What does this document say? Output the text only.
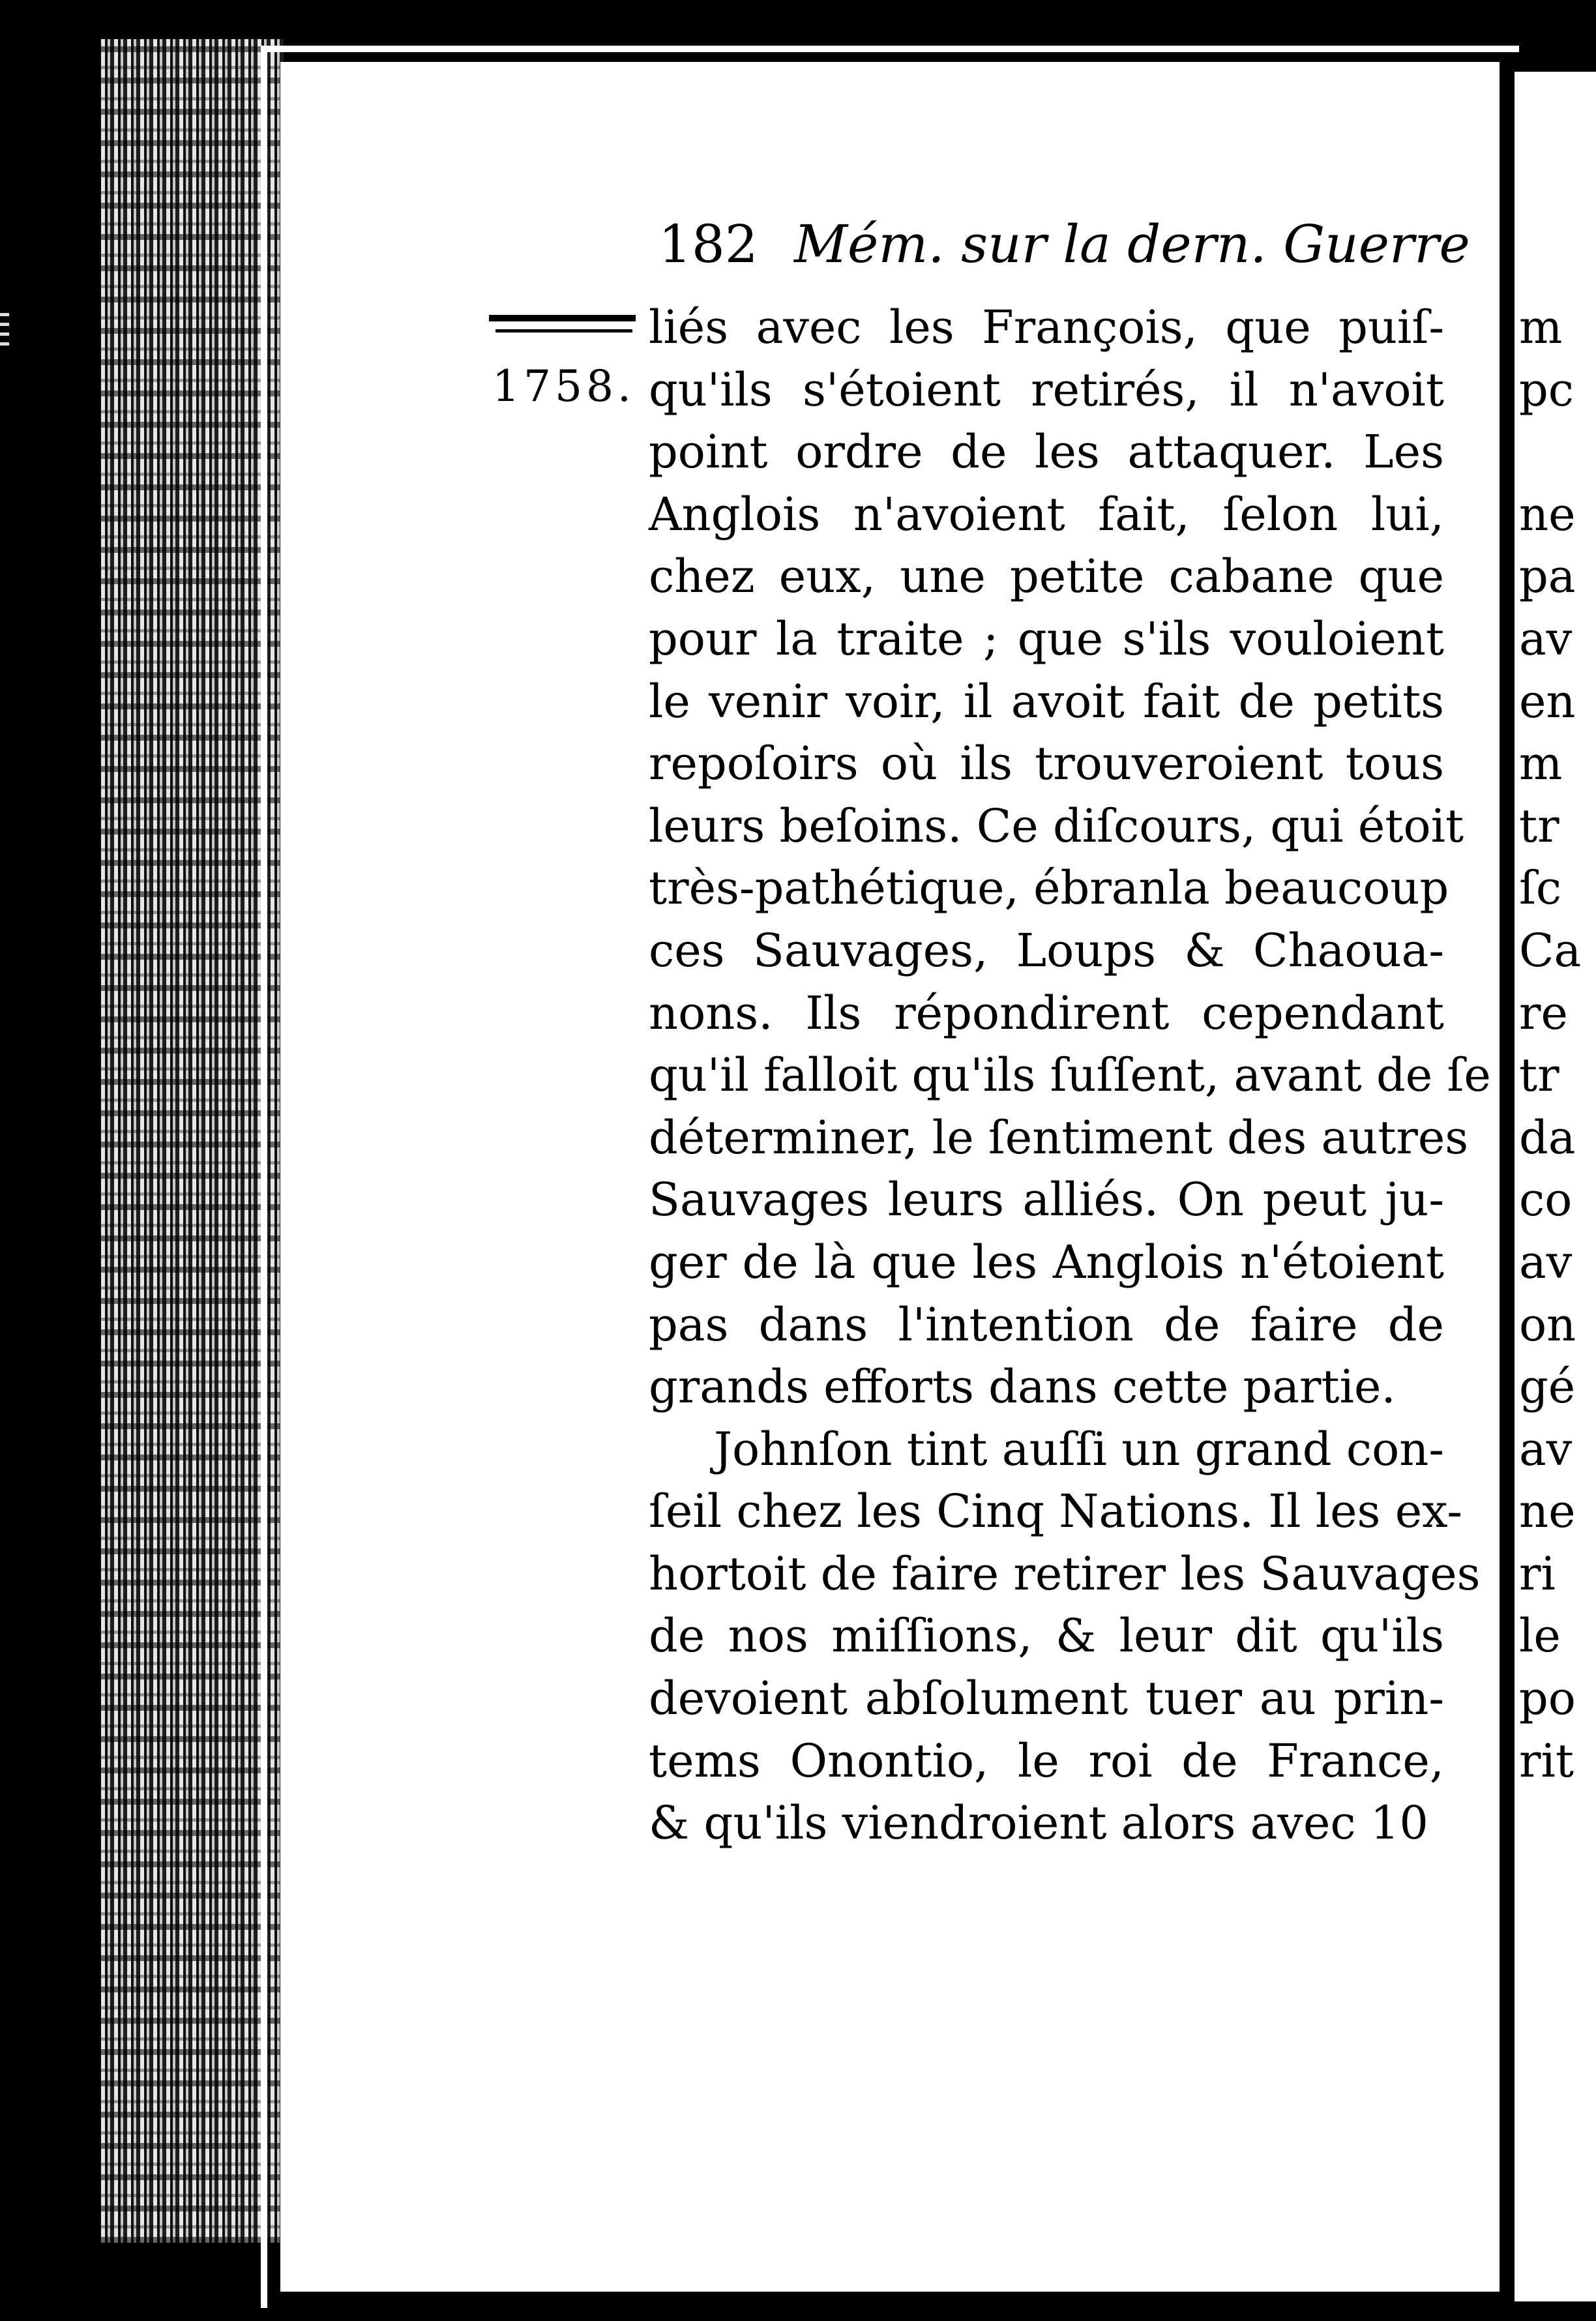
182 Mém. sur la dern. Guerre
1758.
liés avec les François, que puiſ-
qu'ils s'étoient retirés, il n'avoit
point ordre de les attaquer. Les
Anglois n'avoient fait, ſelon lui,
chez eux, une petite cabane que
pour la traite ; que s'ils vouloient
le venir voir, il avoit fait de petits
repoſoirs où ils trouveroient tous
leurs beſoins. Ce diſcours, qui étoit
très-pathétique, ébranla beaucoup
ces Sauvages, Loups & Chaoua-
nons. Ils répondirent cependant
qu'il falloit qu'ils ſuſſent, avant de ſe
déterminer, le ſentiment des autres
Sauvages leurs alliés. On peut ju-
ger de là que les Anglois n'étoient
pas dans l'intention de faire de
grands efforts dans cette partie.
Johnſon tint auſſi un grand con-
ſeil chez les Cinq Nations. Il les ex-
hortoit de faire retirer les Sauvages
de nos miſſions, & leur dit qu'ils
devoient abſolument tuer au prin-
tems Onontio, le roi de France,
& qu'ils viendroient alors avec 10
m
pc
ne
pa
av
en
m
tr
ſc
Ca
re
tr
da
co
av
on
gé
av
ne
ri
le
po
rit
